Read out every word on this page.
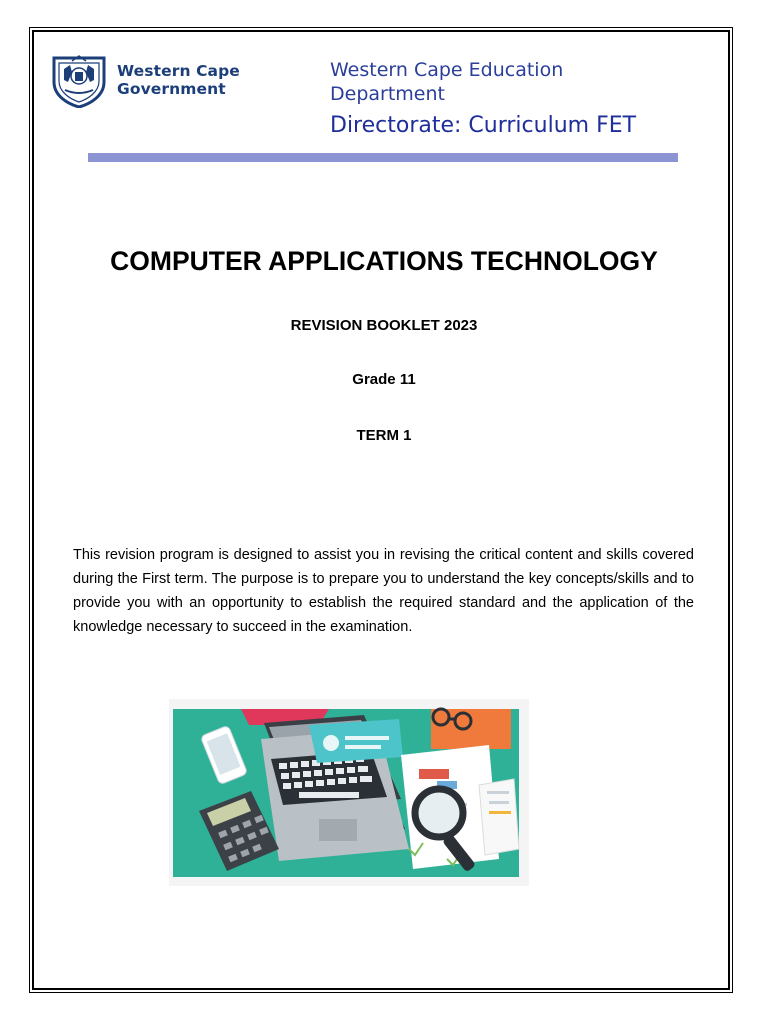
Western Cape
Government
Western Cape Education Department
Directorate: Curriculum FET
COMPUTER APPLICATIONS TECHNOLOGY
REVISION BOOKLET 2023
Grade 11
TERM 1
This revision program is designed to assist you in revising the critical content and skills covered during the First term. The purpose is to prepare you to understand the key concepts/skills and to provide you with an opportunity to establish the required standard and the application of the knowledge necessary to succeed in the examination.
